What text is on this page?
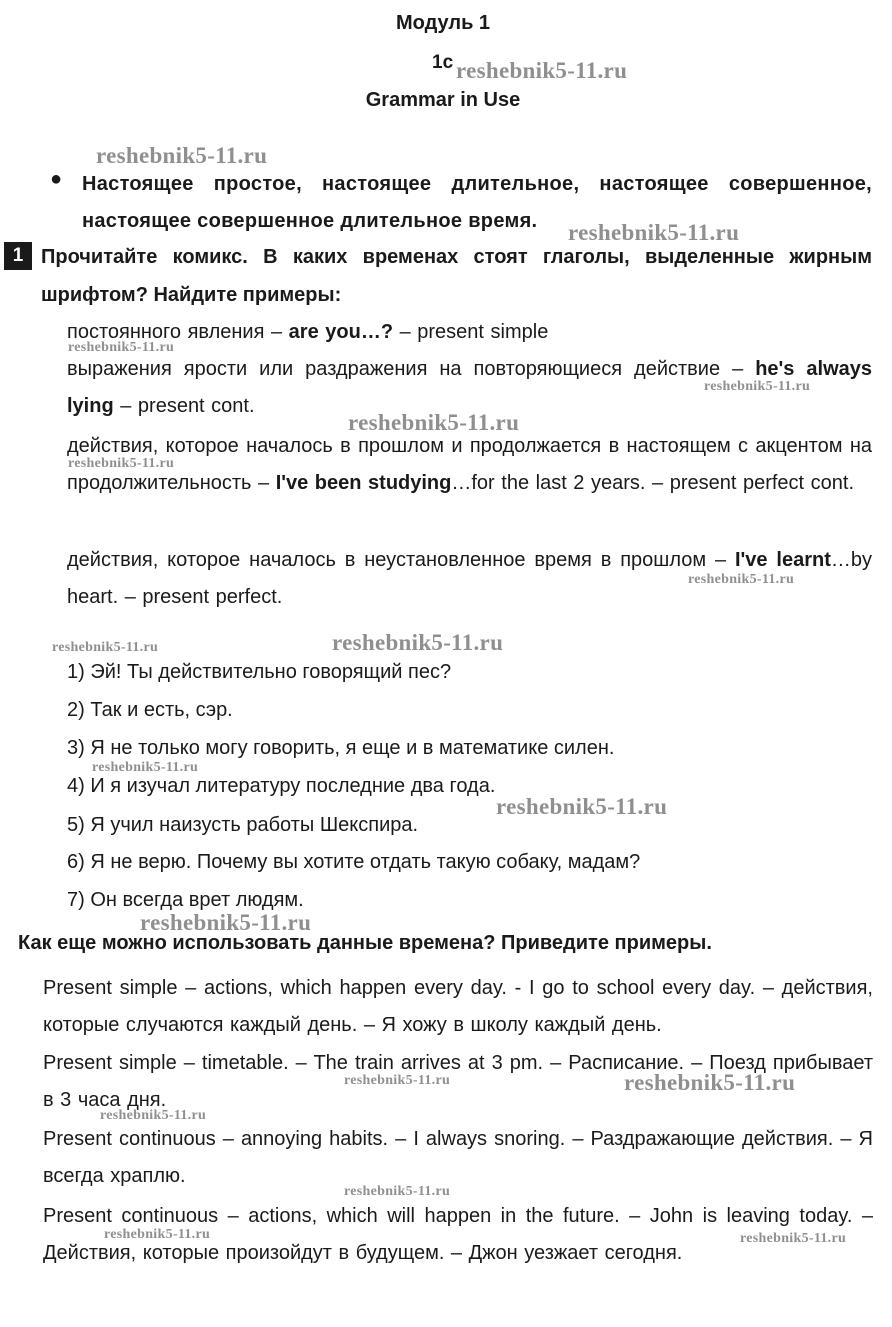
Модуль 1
1c
Grammar in Use
● Настоящее простое, настоящее длительное, настоящее совершенное, настоящее совершенное длительное время.
1 Прочитайте комикс. В каких временах стоят глаголы, выделенные жирным шрифтом? Найдите примеры:
постоянного явления – are you…? – present simple
выражения ярости или раздражения на повторяющиеся действие – he's always lying – present cont.
действия, которое началось в прошлом и продолжается в настоящем с акцентом на продолжительность – I've been studying…for the last 2 years. – present perfect cont.
действия, которое началось в неустановленное время в прошлом – I've learnt…by heart. – present perfect.
1) Эй! Ты действительно говорящий пес?
2) Так и есть, сэр.
3) Я не только могу говорить, я еще и в математике силен.
4) И я изучал литературу последние два года.
5) Я учил наизусть работы Шекспира.
6) Я не верю. Почему вы хотите отдать такую собаку, мадам?
7) Он всегда врет людям.
Как еще можно использовать данные времена? Приведите примеры.
Present simple – actions, which happen every day. - I go to school every day. – действия, которые случаются каждый день. – Я хожу в школу каждый день.
Present simple – timetable. – The train arrives at 3 pm. – Расписание. – Поезд прибывает в 3 часа дня.
Present continuous – annoying habits. – I always snoring. – Раздражающие действия. – Я всегда храплю.
Present continuous – actions, which will happen in the future. – John is leaving today. – Действия, которые произойдут в будущем. – Джон уезжает сегодня.
reshebnik5-11.ru
reshebnik5-11.ru
reshebnik5-11.ru
reshebnik5-11.ru
reshebnik5-11.ru
reshebnik5-11.ru
reshebnik5-11.ru
reshebnik5-11.ru
reshebnik5-11.ru	reshebnik5-11.ru
reshebnik5-11.ru
reshebnik5-11.ru
reshebnik5-11.ru
reshebnik5-11.ru	reshebnik5-11.ru
reshebnik5-11.ru
reshebnik5-11.ru
reshebnik5-11.ru	reshebnik5-11.ru
